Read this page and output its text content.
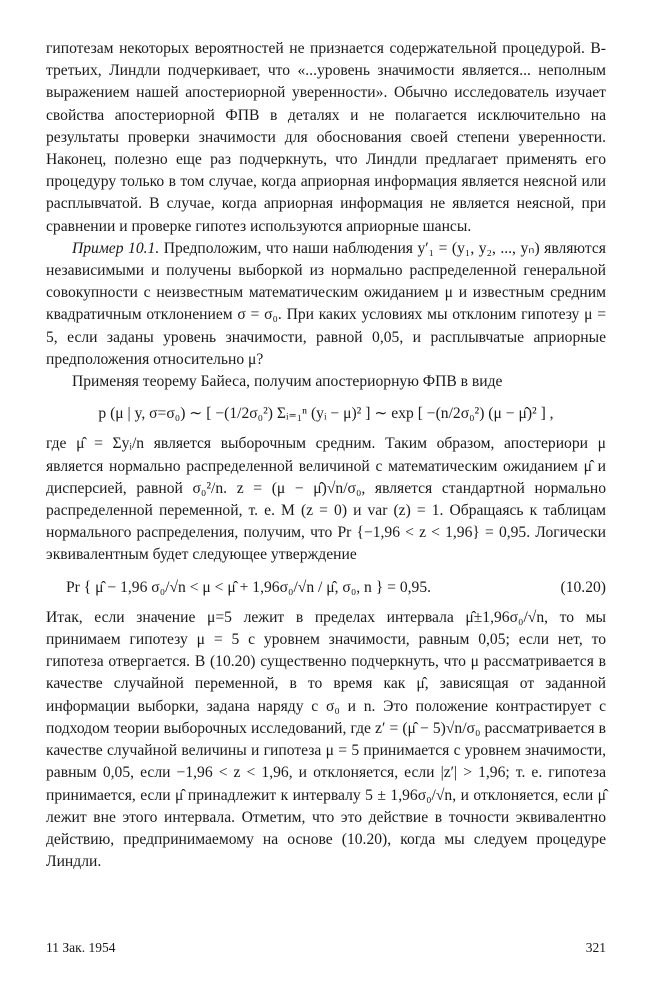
гипотезам некоторых вероятностей не признается содержательной процедурой. В-третьих, Линдли подчеркивает, что «...уровень значимости является... неполным выражением нашей апостериорной уверенности». Обычно исследователь изучает свойства апостериорной ФПВ в деталях и не полагается исключительно на результаты проверки значимости для обоснования своей степени уверенности. Наконец, полезно еще раз подчеркнуть, что Линдли предлагает применять его процедуру только в том случае, когда априорная информация является неясной или расплывчатой. В случае, когда априорная информация не является неясной, при сравнении и проверке гипотез используются априорные шансы.

Пример 10.1. Предположим, что наши наблюдения y′₁ = (y₁, y₂, ..., yₙ) являются независимыми и получены выборкой из нормально распределенной генеральной совокупности с неизвестным математическим ожиданием μ и известным средним квадратичным отклонением σ = σ₀. При каких условиях мы отклоним гипотезу μ = 5, если заданы уровень значимости, равной 0,05, и расплывчатые априорные предположения относительно μ?

Применяя теорему Байеса, получим апостериорную ФПВ в виде

p (μ | y, σ=σ₀) ∼ [ −(1/2σ₀²) Σᵢ₌₁ⁿ (yᵢ − μ)² ] ∼ exp [ −(n/2σ₀²) (μ − μ̂)² ] ,

где μ̂ = Σyᵢ/n является выборочным средним. Таким образом, апостериори μ является нормально распределенной величиной с математическим ожиданием μ̂ и дисперсией, равной σ₀²/n. z = (μ − μ̂)√n/σ₀, является стандартной нормально распределенной переменной, т. е. M (z = 0) и var (z) = 1. Обращаясь к таблицам нормального распределения, получим, что Pr {−1,96 < z < 1,96} = 0,95. Логически эквивалентным будет следующее утверждение

Pr { μ̂ − 1,96 σ₀/√n < μ < μ̂ + 1,96σ₀/√n / μ̂, σ₀, n } = 0,95.	(10.20)

Итак, если значение μ=5 лежит в пределах интервала μ̂±1,96σ₀/√n, то мы принимаем гипотезу μ = 5 с уровнем значимости, равным 0,05; если нет, то гипотеза отвергается. В (10.20) существенно подчеркнуть, что μ рассматривается в качестве случайной переменной, в то время как μ̂, зависящая от заданной информации выборки, задана наряду с σ₀ и n. Это положение контрастирует с подходом теории выборочных исследований, где z′ = (μ̂ − 5)√n/σ₀ рассматривается в качестве случайной величины и гипотеза μ = 5 принимается с уровнем значимости, равным 0,05, если −1,96 < z < 1,96, и отклоняется, если |z′| > 1,96; т. е. гипотеза принимается, если μ̂ принадлежит к интервалу 5 ± 1,96σ₀/√n, и отклоняется, если μ̂ лежит вне этого интервала. Отметим, что это действие в точности эквивалентно действию, предпринимаемому на основе (10.20), когда мы следуем процедуре Линдли.

11 Зак. 1954	321
